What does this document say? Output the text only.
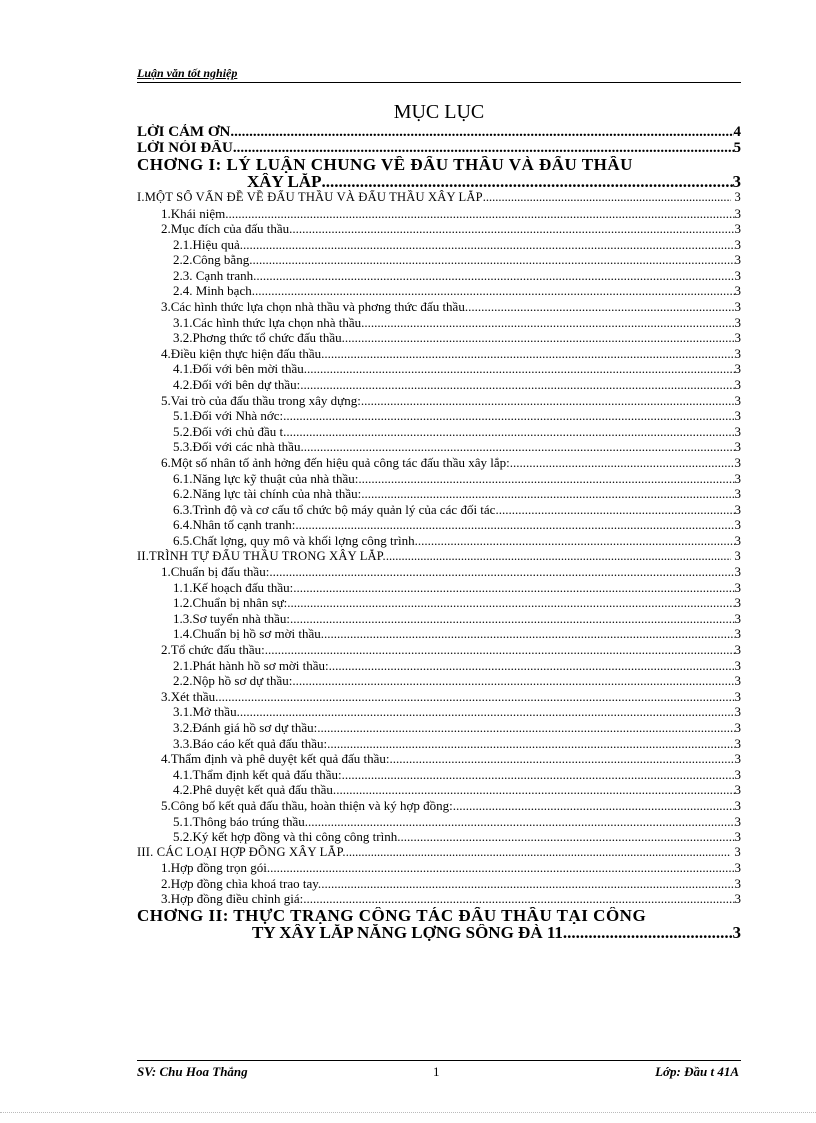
Luận văn tốt nghiệp
MỤC LỤC
LỜI CẢM ƠN .....	4
LỜI NÓI ĐẦU .....	5
CHƠNG I: LÝ LUẬN CHUNG VỀ ĐẤU THẦU VÀ ĐẤU THẦU
XÂY LẮP .....	3
I.MỘT SỐ VẤN ĐỀ VỀ ĐẤU THẦU VÀ ĐẤU THẦU XÂY LẮP .....	3
1.Khái niệm .....	3
2.Mục đích của đấu thầu .....	3
2.1.Hiệu quả .....	3
2.2.Công bằng .....	3
2.3. Cạnh tranh .....	3
2.4. Minh bạch .....	3
3.Các hình thức lựa chọn nhà thầu và phơng thức đấu thầu .....	3
3.1.Các hình thức lựa chọn nhà thầu .....	3
3.2.Phơng thức tổ chức đấu thầu .....	3
4.Điều kiện thực hiện đấu thầu. .....	3
4.1.Đối với bên mời thầu. .....	3
4.2.Đối với bên dự thầu: .....	3
5.Vai trò của đấu thầu trong xây dựng: .....	3
5.1.Đối với Nhà nớc: .....	3
5.2.Đối với chủ đầu t. .....	3
5.3.Đối với các nhà thầu. .....	3
6.Một số nhân tố ảnh hởng đến hiệu quả công tác đấu thầu xây lắp: .....	3
6.1.Năng lực kỹ thuật của nhà thầu: .....	3
6.2.Năng lực tài chính của nhà thầu: .....	3
6.3.Trình độ và cơ cấu tổ chức bộ máy quản lý của các đối tác. .....	3
6.4.Nhân tố cạnh tranh: .....	3
6.5.Chất lợng, quy mô và khối lợng công trình. .....	3
II.TRÌNH TỰ ĐẤU THẦU TRONG XÂY LẮP. .....	3
1.Chuẩn bị đấu thầu: .....	3
1.1.Kế hoạch đấu thầu: .....	3
1.2.Chuẩn bị nhân sự: .....	3
1.3.Sơ tuyển nhà thầu: .....	3
1.4.Chuẩn bị hồ sơ mời thầu .....	3
2.Tổ chức đấu thầu: .....	3
2.1.Phát hành hồ sơ mời thầu: .....	3
2.2.Nộp hồ sơ dự thầu: .....	3
3.Xét thầu .....	3
3.1.Mở thầu .....	3
3.2.Đánh giá hồ sơ dự thầu: .....	3
3.3.Báo cáo kết quả đấu thầu: .....	3
4.Thẩm định và phê duyệt kết quả đấu thầu: .....	3
4.1.Thẩm định kết quả đấu thầu: .....	3
4.2.Phê duyệt kết quả đấu thầu. .....	3
5.Công bố kết quả đấu thầu, hoàn thiện và ký hợp đồng: .....	3
5.1.Thông báo trúng thầu. .....	3
5.2.Ký kết hợp đồng và thi công công trình. .....	3
III. CÁC LOẠI HỢP ĐỒNG XÂY LẮP. .....	3
1.Hợp đồng trọn gói. .....	3
2.Hợp đồng chìa khoá trao tay. .....	3
3.Hợp đồng điều chỉnh giá: .....	3
CHƠNG II: THỰC TRẠNG CÔNG TÁC ĐẤU THẦU TẠI CÔNG
TY XÂY LẮP NĂNG LỢNG SÔNG ĐÀ 11 .....	3
SV: Chu Hoa Thắng	1	Lớp: Đầu t 41A
